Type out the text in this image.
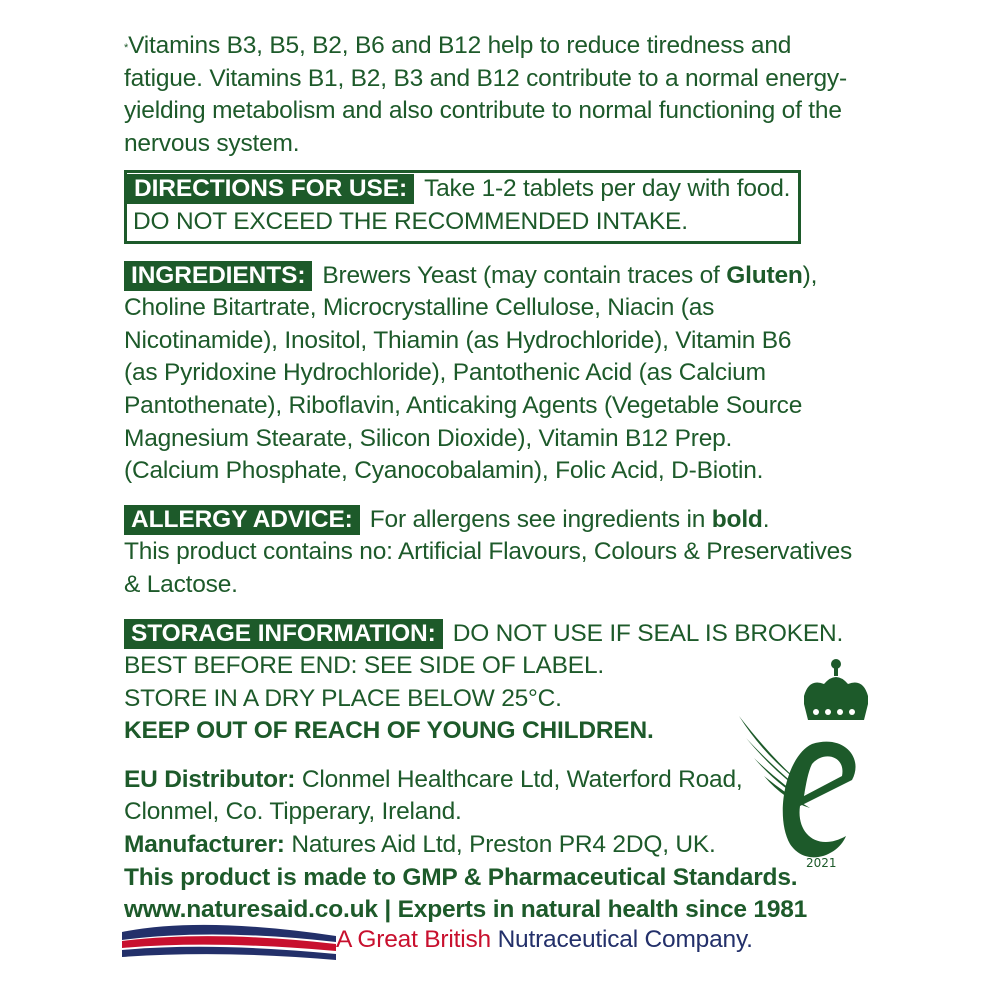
*Vitamins B3, B5, B2, B6 and B12 help to reduce tiredness and fatigue. Vitamins B1, B2, B3 and B12 contribute to a normal energy-yielding metabolism and also contribute to normal functioning of the nervous system.

DIRECTIONS FOR USE: Take 1-2 tablets per day with food.

DO NOT EXCEED THE RECOMMENDED INTAKE.

INGREDIENTS: Brewers Yeast (may contain traces of Gluten), Choline Bitartrate, Microcrystalline Cellulose, Niacin (as Nicotinamide), Inositol, Thiamin (as Hydrochloride), Vitamin B6 (as Pyridoxine Hydrochloride), Pantothenic Acid (as Calcium Pantothenate), Riboflavin, Anticaking Agents (Vegetable Source Magnesium Stearate, Silicon Dioxide), Vitamin B12 Prep. (Calcium Phosphate, Cyanocobalamin), Folic Acid, D-Biotin.

ALLERGY ADVICE: For allergens see ingredients in bold.
This product contains no: Artificial Flavours, Colours & Preservatives & Lactose.

STORAGE INFORMATION: DO NOT USE IF SEAL IS BROKEN.
BEST BEFORE END: SEE SIDE OF LABEL.
STORE IN A DRY PLACE BELOW 25°C.
KEEP OUT OF REACH OF YOUNG CHILDREN.

EU Distributor: Clonmel Healthcare Ltd, Waterford Road, Clonmel, Co. Tipperary, Ireland.

Manufacturer: Natures Aid Ltd, Preston PR4 2DQ, UK.
This product is made to GMP & Pharmaceutical Standards.
www.naturesaid.co.uk | Experts in natural health since 1981

2021
A Great British Nutraceutical Company.
